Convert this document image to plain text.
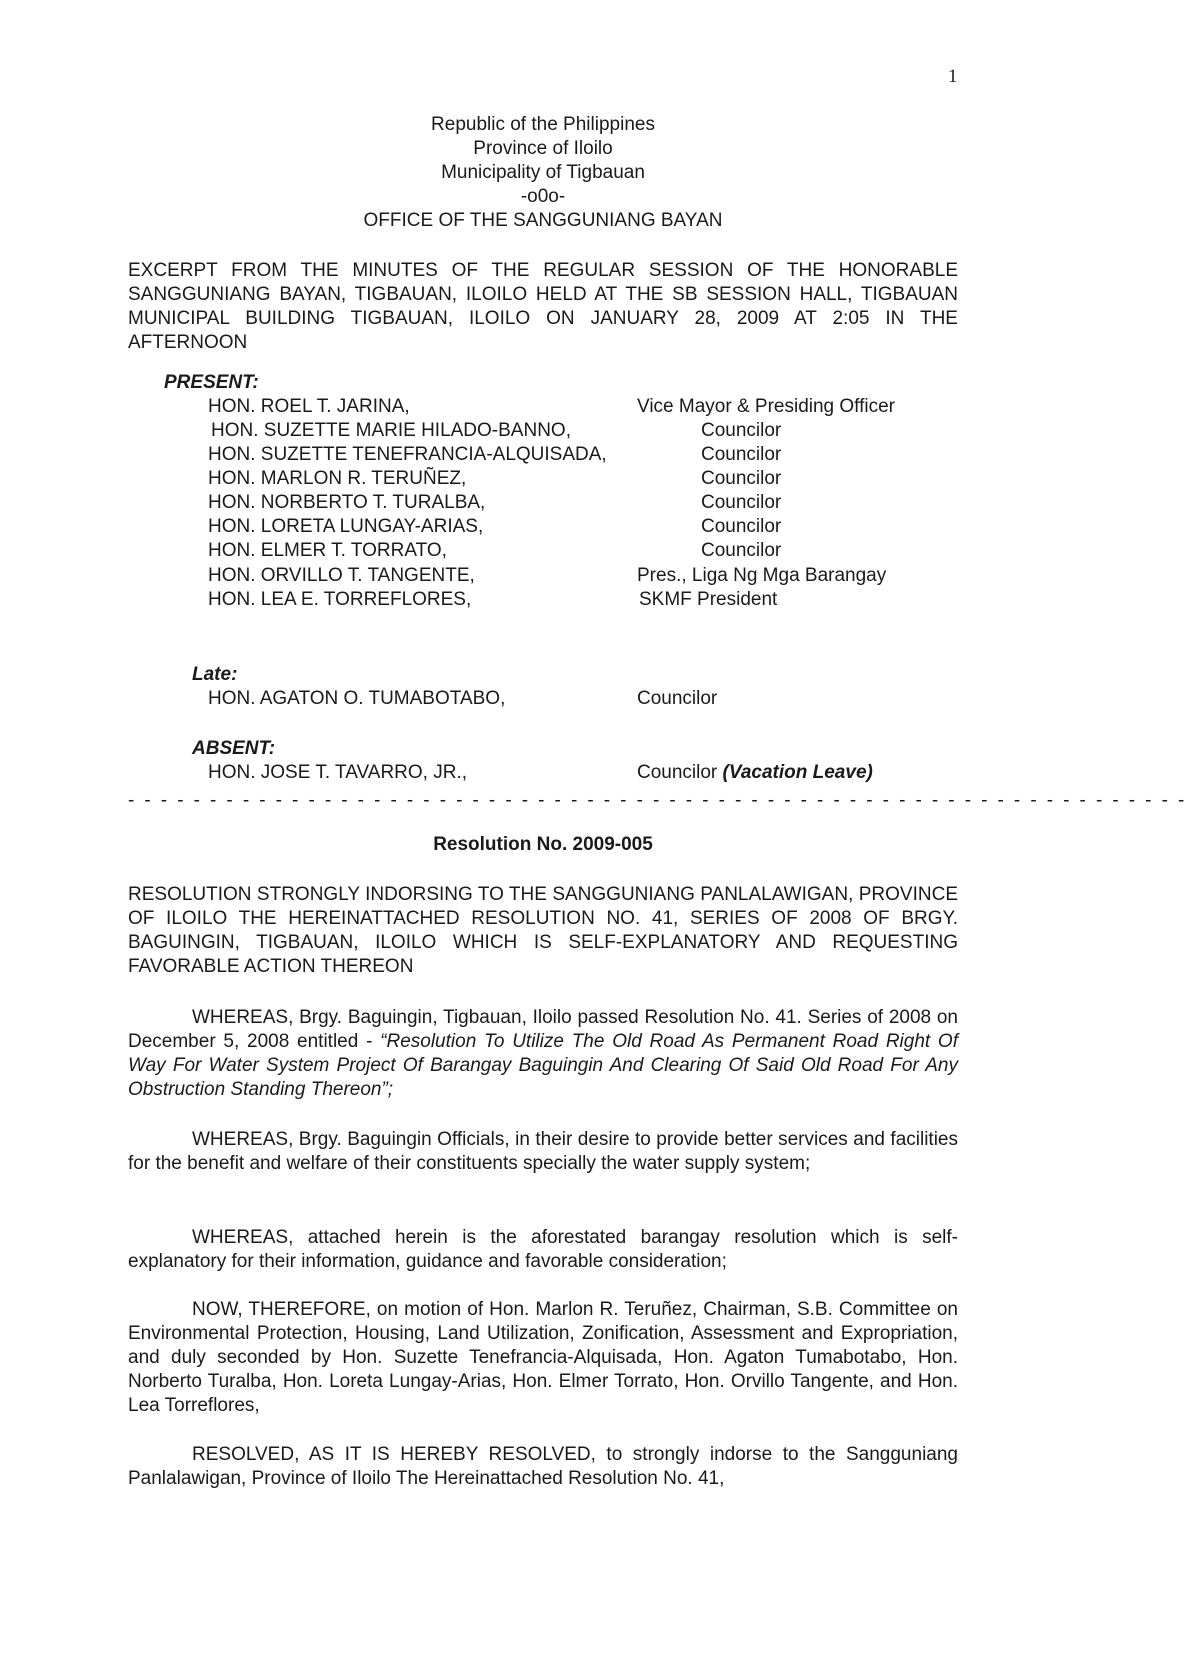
1
Republic of the Philippines
Province of Iloilo
Municipality of Tigbauan
-o0o-
OFFICE OF THE SANGGUNIANG BAYAN
EXCERPT FROM THE MINUTES OF THE REGULAR SESSION OF THE HONORABLE SANGGUNIANG BAYAN, TIGBAUAN, ILOILO HELD AT THE SB SESSION HALL, TIGBAUAN MUNICIPAL BUILDING TIGBAUAN, ILOILO ON JANUARY 28, 2009 AT 2:05 IN THE AFTERNOON
PRESENT:
HON. ROEL T. JARINA,	Vice Mayor & Presiding Officer
HON. SUZETTE MARIE HILADO-BANNO,	Councilor
HON. SUZETTE TENEFRANCIA-ALQUISADA,	Councilor
HON. MARLON R. TERUÑEZ,	Councilor
HON. NORBERTO T. TURALBA,	Councilor
HON. LORETA LUNGAY-ARIAS,	Councilor
HON. ELMER T. TORRATO,	Councilor
HON. ORVILLO T. TANGENTE,	Pres., Liga Ng Mga Barangay
HON. LEA E. TORREFLORES,	SKMF President
Late:
HON. AGATON O. TUMABOTABO,	Councilor
ABSENT:
HON. JOSE T. TAVARRO, JR.,	Councilor (Vacation Leave)
- - - - - - - - - - - - - - - - - - - - - - - - - - - - - - - - - - - - - - - - - - - - - - - - - - - - - - - - - - - - - - - - -
Resolution No. 2009-005
RESOLUTION STRONGLY INDORSING TO THE SANGGUNIANG PANLALAWIGAN, PROVINCE OF ILOILO THE HEREINATTACHED RESOLUTION NO. 41, SERIES OF 2008 OF BRGY. BAGUINGIN, TIGBAUAN, ILOILO WHICH IS SELF-EXPLANATORY AND REQUESTING FAVORABLE ACTION THEREON
WHEREAS, Brgy. Baguingin, Tigbauan, Iloilo passed Resolution No. 41. Series of 2008 on December 5, 2008 entitled - “Resolution To Utilize The Old Road As Permanent Road Right Of Way For Water System Project Of Barangay Baguingin And Clearing Of Said Old Road For Any Obstruction Standing Thereon”;
WHEREAS, Brgy. Baguingin Officials, in their desire to provide better services and facilities for the benefit and welfare of their constituents specially the water supply system;
WHEREAS, attached herein is the aforestated barangay resolution which is self-explanatory for their information, guidance and favorable consideration;
NOW, THEREFORE, on motion of Hon. Marlon R. Teruñez, Chairman, S.B. Committee on Environmental Protection, Housing, Land Utilization, Zonification, Assessment and Expropriation, and duly seconded by Hon. Suzette Tenefrancia-Alquisada, Hon. Agaton Tumabotabo, Hon. Norberto Turalba, Hon. Loreta Lungay-Arias, Hon. Elmer Torrato, Hon. Orvillo Tangente, and Hon. Lea Torreflores,
RESOLVED, AS IT IS HEREBY RESOLVED, to strongly indorse to the Sangguniang Panlalawigan, Province of Iloilo The Hereinattached Resolution No. 41,
